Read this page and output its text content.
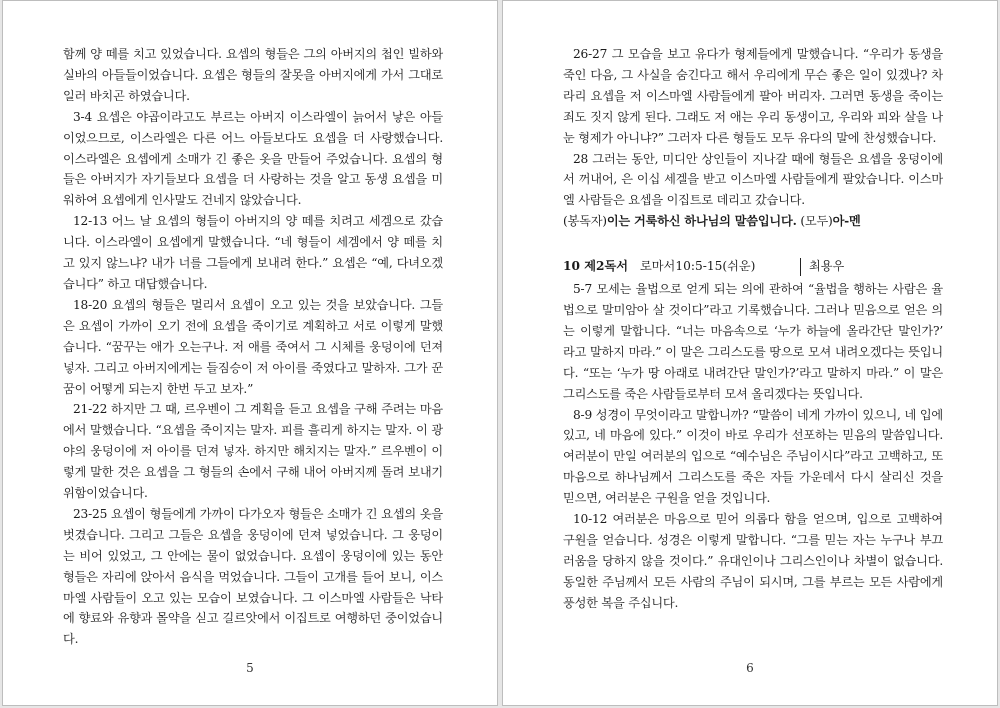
함께 양 떼를 치고 있었습니다. 요셉의 형들은 그의 아버지의 첩인 빌하와 실바의 아들들이었습니다. 요셉은 형들의 잘못을 아버지에게 가서 그대로 일러 바치곤 하였습니다.

3-4 요셉은 야곱이라고도 부르는 아버지 이스라엘이 늙어서 낳은 아들이었으므로, 이스라엘은 다른 어느 아들보다도 요셉을 더 사랑했습니다. 이스라엘은 요셉에게 소매가 긴 좋은 옷을 만들어 주었습니다. 요셉의 형들은 아버지가 자기들보다 요셉을 더 사랑하는 것을 알고 동생 요셉을 미워하여 요셉에게 인사말도 건네지 않았습니다.

12-13 어느 날 요셉의 형들이 아버지의 양 떼를 치려고 세겜으로 갔습니다. 이스라엘이 요셉에게 말했습니다. “네 형들이 세겜에서 양 떼를 치고 있지 않느냐? 내가 너를 그들에게 보내려 한다.” 요셉은 “예, 다녀오겠습니다” 하고 대답했습니다.

18-20 요셉의 형들은 멀리서 요셉이 오고 있는 것을 보았습니다. 그들은 요셉이 가까이 오기 전에 요셉을 죽이기로 계획하고 서로 이렇게 말했습니다. “꿈꾸는 애가 오는구나. 저 애를 죽여서 그 시체를 웅덩이에 던져 넣자. 그리고 아버지에게는 들짐승이 저 아이를 죽였다고 말하자. 그가 꾼 꿈이 어떻게 되는지 한번 두고 보자.”

21-22 하지만 그 때, 르우벤이 그 계획을 듣고 요셉을 구해 주려는 마음에서 말했습니다. “요셉을 죽이지는 말자. 피를 흘리게 하지는 말자. 이 광야의 웅덩이에 저 아이를 던져 넣자. 하지만 해치지는 말자.” 르우벤이 이렇게 말한 것은 요셉을 그 형들의 손에서 구해 내어 아버지께 돌려 보내기 위함이었습니다.

23-25 요셉이 형들에게 가까이 다가오자 형들은 소매가 긴 요셉의 옷을 벗겼습니다. 그리고 그들은 요셉을 웅덩이에 던져 넣었습니다. 그 웅덩이는 비어 있었고, 그 안에는 물이 없었습니다. 요셉이 웅덩이에 있는 동안 형들은 자리에 앉아서 음식을 먹었습니다. 그들이 고개를 들어 보니, 이스마엘 사람들이 오고 있는 모습이 보였습니다. 그 이스마엘 사람들은 낙타에 향료와 유향과 몰약을 싣고 길르앗에서 이집트로 여행하던 중이었습니다.

5

26-27 그 모습을 보고 유다가 형제들에게 말했습니다. “우리가 동생을 죽인 다음, 그 사실을 숨긴다고 해서 우리에게 무슨 좋은 일이 있겠나? 차라리 요셉을 저 이스마엘 사람들에게 팔아 버리자. 그러면 동생을 죽이는 죄도 짓지 않게 된다. 그래도 저 애는 우리 동생이고, 우리와 피와 살을 나눈 형제가 아니냐?” 그러자 다른 형들도 모두 유다의 말에 찬성했습니다.

28 그러는 동안, 미디안 상인들이 지나갈 때에 형들은 요셉을 웅덩이에서 꺼내어, 은 이십 세겔을 받고 이스마엘 사람들에게 팔았습니다. 이스마엘 사람들은 요셉을 이집트로 데리고 갔습니다.

(봉독자)이는 거룩하신 하나님의 말씀입니다. (모두)아-멘

10 제2독서 로마서10:5-15(쉬운)	최용우

5-7 모세는 율법으로 얻게 되는 의에 관하여 “율법을 행하는 사람은 율법으로 말미암아 살 것이다”라고 기록했습니다. 그러나 믿음으로 얻은 의는 이렇게 말합니다. “너는 마음속으로 ‘누가 하늘에 올라간단 말인가?’ 라고 말하지 마라.” 이 말은 그리스도를 땅으로 모셔 내려오겠다는 뜻입니다. “또는 ‘누가 땅 아래로 내려간단 말인가?’라고 말하지 마라.” 이 말은 그리스도를 죽은 사람들로부터 모셔 올리겠다는 뜻입니다.

8-9 성경이 무엇이라고 말합니까? “말씀이 네게 가까이 있으니, 네 입에 있고, 네 마음에 있다.” 이것이 바로 우리가 선포하는 믿음의 말씀입니다. 여러분이 만일 여러분의 입으로 “예수님은 주님이시다”라고 고백하고, 또 마음으로 하나님께서 그리스도를 죽은 자들 가운데서 다시 살리신 것을 믿으면, 여러분은 구원을 얻을 것입니다.

10-12 여러분은 마음으로 믿어 의롭다 함을 얻으며, 입으로 고백하여 구원을 얻습니다. 성경은 이렇게 말합니다. “그를 믿는 자는 누구나 부끄러움을 당하지 않을 것이다.” 유대인이나 그리스인이나 차별이 없습니다. 동일한 주님께서 모든 사람의 주님이 되시며, 그를 부르는 모든 사람에게 풍성한 복을 주십니다.

6
